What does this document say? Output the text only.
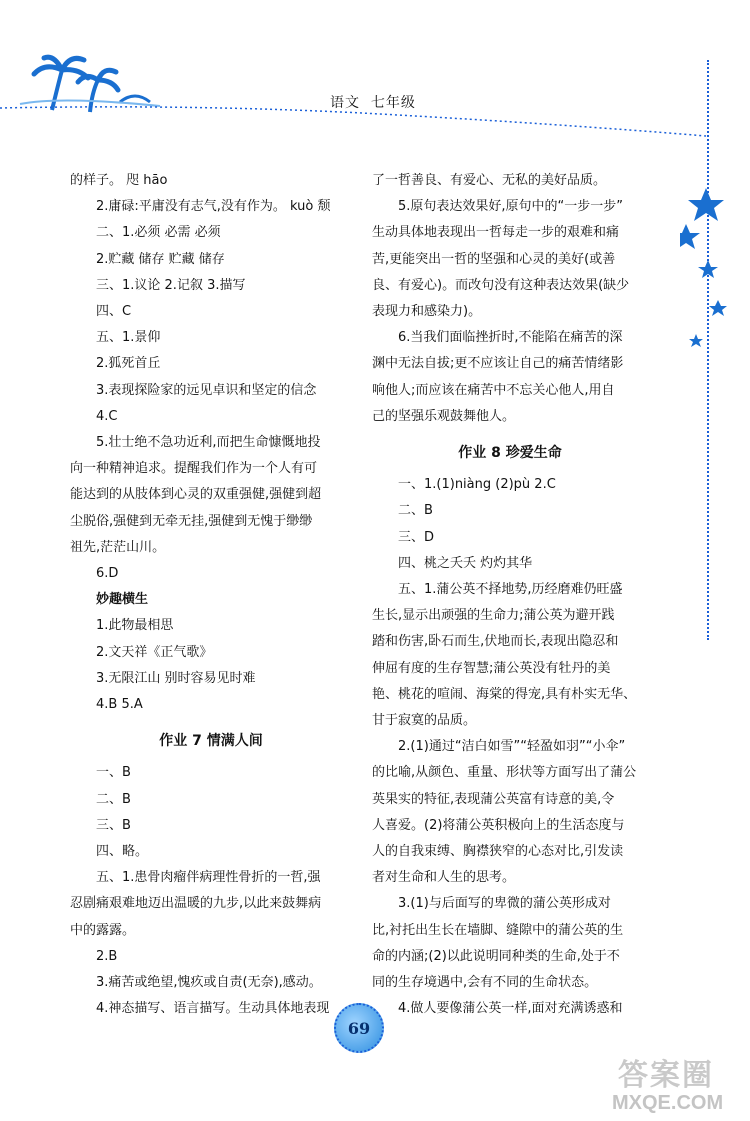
语文 七年级

的样子。 咫 hāo

2.庸碌:平庸没有志气,没有作为。 kuò 颓

二、1.必须 必需 必须

2.贮藏 储存 贮藏 储存

三、1.议论 2.记叙 3.描写

四、C

五、1.景仰

2.狐死首丘

3.表现探险家的远见卓识和坚定的信念

4.C

5.壮士绝不急功近利,而把生命慷慨地投

向一种精神追求。提醒我们作为一个人有可

能达到的从肢体到心灵的双重强健,强健到超

尘脱俗,强健到无牵无挂,强健到无愧于缈缈

祖先,茫茫山川。

6.D

妙趣横生

1.此物最相思

2.文天祥《正气歌》

3.无限江山 别时容易见时难

4.B 5.A

作业 7 情满人间

一、B

二、B

三、B

四、略。

五、1.患骨肉瘤伴病理性骨折的一哲,强

忍剧痛艰难地迈出温暖的九步,以此来鼓舞病

中的露露。

2.B

3.痛苦或绝望,愧疚或自责(无奈),感动。

4.神态描写、语言描写。生动具体地表现

了一哲善良、有爱心、无私的美好品质。

5.原句表达效果好,原句中的“一步一步”

生动具体地表现出一哲每走一步的艰难和痛

苦,更能突出一哲的坚强和心灵的美好(或善

良、有爱心)。而改句没有这种表达效果(缺少

表现力和感染力)。

6.当我们面临挫折时,不能陷在痛苦的深

渊中无法自拔;更不应该让自己的痛苦情绪影

响他人;而应该在痛苦中不忘关心他人,用自

己的坚强乐观鼓舞他人。

作业 8 珍爱生命

一、1.(1)niàng (2)pù 2.C

二、B

三、D

四、桃之夭夭 灼灼其华

五、1.蒲公英不择地势,历经磨难仍旺盛

生长,显示出顽强的生命力;蒲公英为避开践

踏和伤害,卧石而生,伏地而长,表现出隐忍和

伸屈有度的生存智慧;蒲公英没有牡丹的美

艳、桃花的喧闹、海棠的得宠,具有朴实无华、

甘于寂寞的品质。

2.(1)通过“洁白如雪”“轻盈如羽”“小伞”

的比喻,从颜色、重量、形状等方面写出了蒲公

英果实的特征,表现蒲公英富有诗意的美,令

人喜爱。(2)将蒲公英积极向上的生活态度与

人的自我束缚、胸襟狭窄的心态对比,引发读

者对生命和人生的思考。

3.(1)与后面写的卑微的蒲公英形成对

比,衬托出生长在墙脚、缝隙中的蒲公英的生

命的内涵;(2)以此说明同种类的生命,处于不

同的生存境遇中,会有不同的生命状态。

4.做人要像蒲公英一样,面对充满诱惑和

69
答案圈
MXQE.COM
